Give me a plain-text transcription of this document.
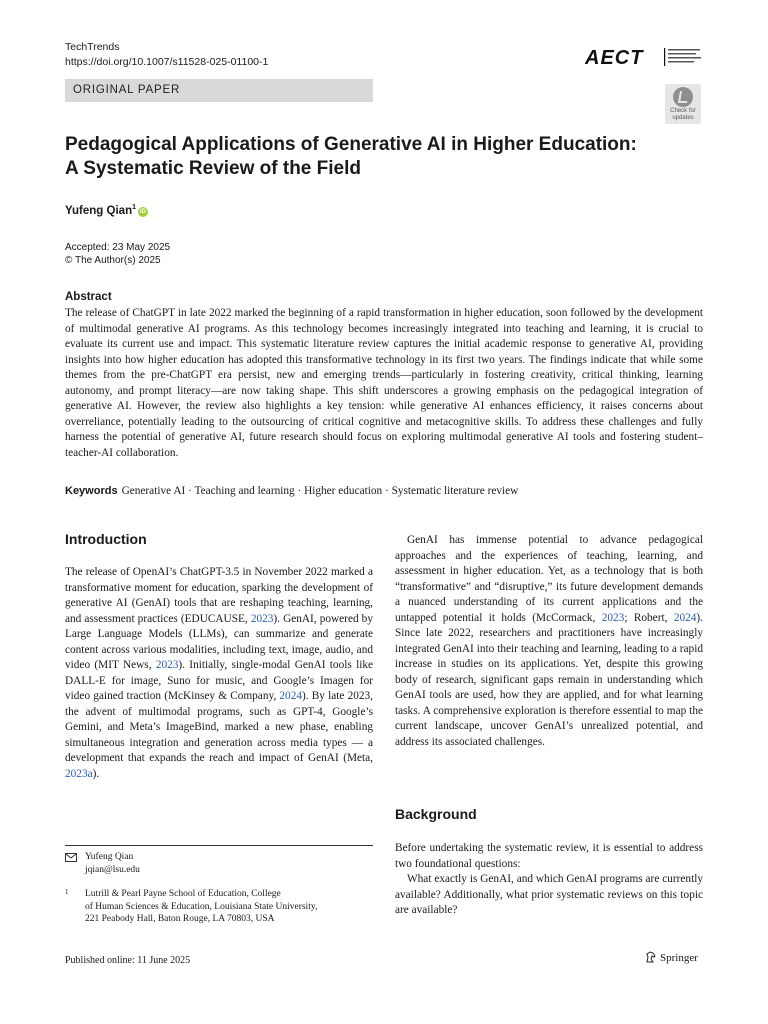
TechTrends
https://doi.org/10.1007/s11528-025-01100-1	AECT
ORIGINAL PAPER
Check for updates
Pedagogical Applications of Generative AI in Higher Education:
A Systematic Review of the Field
Yufeng Qian$^1$iD
Accepted: 23 May 2025
© The Author(s) 2025
Abstract
The release of ChatGPT in late 2022 marked the beginning of a rapid transformation in higher education, soon followed by the development of multimodal generative AI programs. As this technology becomes increasingly integrated into teaching and learning, it is crucial to evaluate its current use and impact. This systematic literature review captures the initial academic response to generative AI, providing insights into how higher education has adopted this transformative technology in its first two years. The findings indicate that while some themes from the pre-ChatGPT era persist, new and emerging trends—particularly in fostering creativity, critical thinking, learning autonomy, and prompt literacy—are now taking shape. This shift underscores a growing emphasis on the pedagogical integration of generative AI. However, the review also highlights a key tension: while generative AI enhances efficiency, it raises concerns about overreliance, potentially leading to the outsourcing of critical cognitive and metacognitive skills. To address these challenges and fully harness the potential of generative AI, future research should focus on exploring multimodal generative AI tools and fostering student–teacher-AI collaboration.
Keywords Generative AI · Teaching and learning · Higher education · Systematic literature review
Introduction

The release of OpenAI’s ChatGPT-3.5 in November 2022 marked a transformative moment for education, sparking the development of generative AI (GenAI) tools that are reshaping teaching, learning, and assessment practices (EDUCAUSE, 2023). GenAI, powered by Large Language Models (LLMs), can summarize and generate content across various modalities, including text, image, audio, and video (MIT News, 2023). Initially, single-modal GenAI tools like DALL-E for image, Suno for music, and Google’s Imagen for video gained traction (McKinsey & Company, 2024). By late 2023, the advent of multimodal programs, such as GPT-4, Google’s Gemini, and Meta’s ImageBind, marked a new phase, enabling simultaneous integration and generation across media types — a development that expands the reach and impact of GenAI (Meta, 2023a).

GenAI has immense potential to advance pedagogical approaches and the experiences of teaching, learning, and assessment in higher education. Yet, as a technology that is both “transformative” and “disruptive,” its future development demands a nuanced understanding of its current applications and the untapped potential it holds (McCormack, 2023; Robert, 2024). Since late 2022, researchers and practitioners have increasingly integrated GenAI into their teaching and learning, leading to a rapid increase in studies on its applications. Yet, despite this growing body of research, significant gaps remain in understanding which GenAI tools are used, how they are applied, and for what learning tasks. A comprehensive exploration is therefore essential to map the current landscape, uncover GenAI’s unrealized potential, and address its associated challenges.

Background

Before undertaking the systematic review, it is essential to address two foundational questions:

What exactly is GenAI, and which GenAI programs are currently available? Additionally, what prior systematic reviews on this topic are available?

Yufeng Qian
jqian@lsu.edu
1 Lutrill & Pearl Payne School of Education, College
of Human Sciences & Education, Louisiana State University,
221 Peabody Hall, Baton Rouge, LA 70803, USA
Published online: 11 June 2025	Springer
